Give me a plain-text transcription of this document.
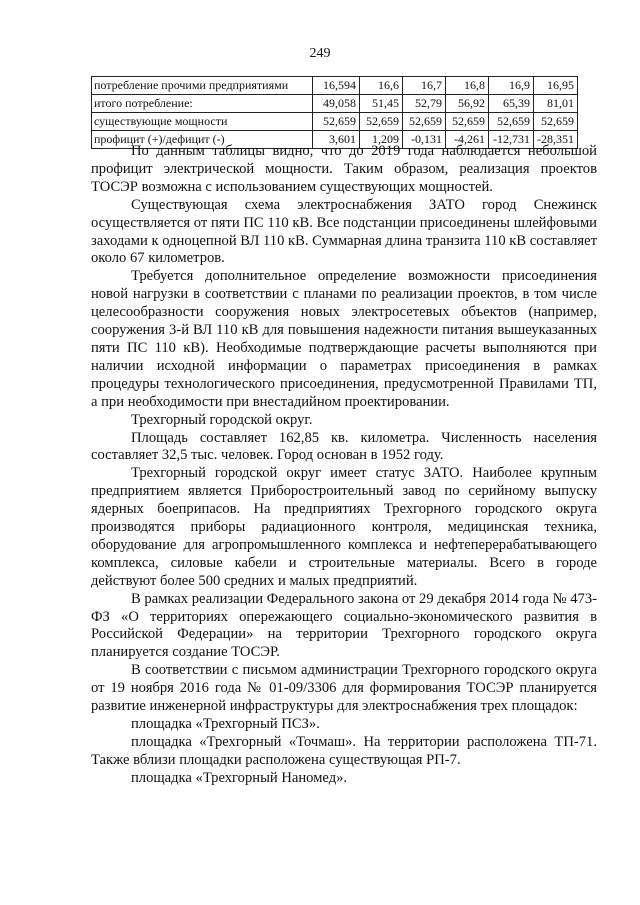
249
потребление прочими предприятиями	16,594	16,6	16,7	16,8	16,9	16,95
итого потребление:	49,058	51,45	52,79	56,92	65,39	81,01
существующие мощности	52,659	52,659	52,659	52,659	52,659	52,659
профицит (+)/дефицит (-)	3,601	1,209	-0,131	-4,261	-12,731	-28,351

По данным таблицы видно, что до 2019 года наблюдается небольшой профицит электрической мощности. Таким образом, реализация проектов ТОСЭР возможна с использованием существующих мощностей.

Существующая схема электроснабжения ЗАТО город Снежинск осуществляется от пяти ПС 110 кВ. Все подстанции присоединены шлейфовыми заходами к одноцепной ВЛ 110 кВ. Суммарная длина транзита 110 кВ составляет около 67 километров.

Требуется дополнительное определение возможности присоединения новой нагрузки в соответствии с планами по реализации проектов, в том числе целесообразности сооружения новых электросетевых объектов (например, сооружения 3-й ВЛ 110 кВ для повышения надежности питания вышеуказанных пяти ПС 110 кВ). Необходимые подтверждающие расчеты выполняются при наличии исходной информации о параметрах присоединения в рамках процедуры технологического присоединения, предусмотренной Правилами ТП, а при необходимости при внестадийном проектировании.

Трехгорный городской округ.

Площадь составляет 162,85 кв. километра. Численность населения составляет 32,5 тыс. человек. Город основан в 1952 году.

Трехгорный городской округ имеет статус ЗАТО. Наиболее крупным предприятием является Приборостроительный завод по серийному выпуску ядерных боеприпасов. На предприятиях Трехгорного городского округа производятся приборы радиационного контроля, медицинская техника, оборудование для агропромышленного комплекса и нефтеперерабатывающего комплекса, силовые кабели и строительные материалы. Всего в городе действуют более 500 средних и малых предприятий.

В рамках реализации Федерального закона от 29 декабря 2014 года № 473-ФЗ «О территориях опережающего социально-экономического развития в Российской Федерации» на территории Трехгорного городского округа планируется создание ТОСЭР.

В соответствии с письмом администрации Трехгорного городского округа от 19 ноября 2016 года № 01-09/3306 для формирования ТОСЭР планируется развитие инженерной инфраструктуры для электроснабжения трех площадок:

площадка «Трехгорный ПСЗ».

площадка «Трехгорный «Точмаш». На территории расположена ТП-71. Также вблизи площадки расположена существующая РП-7.

площадка «Трехгорный Наномед».
